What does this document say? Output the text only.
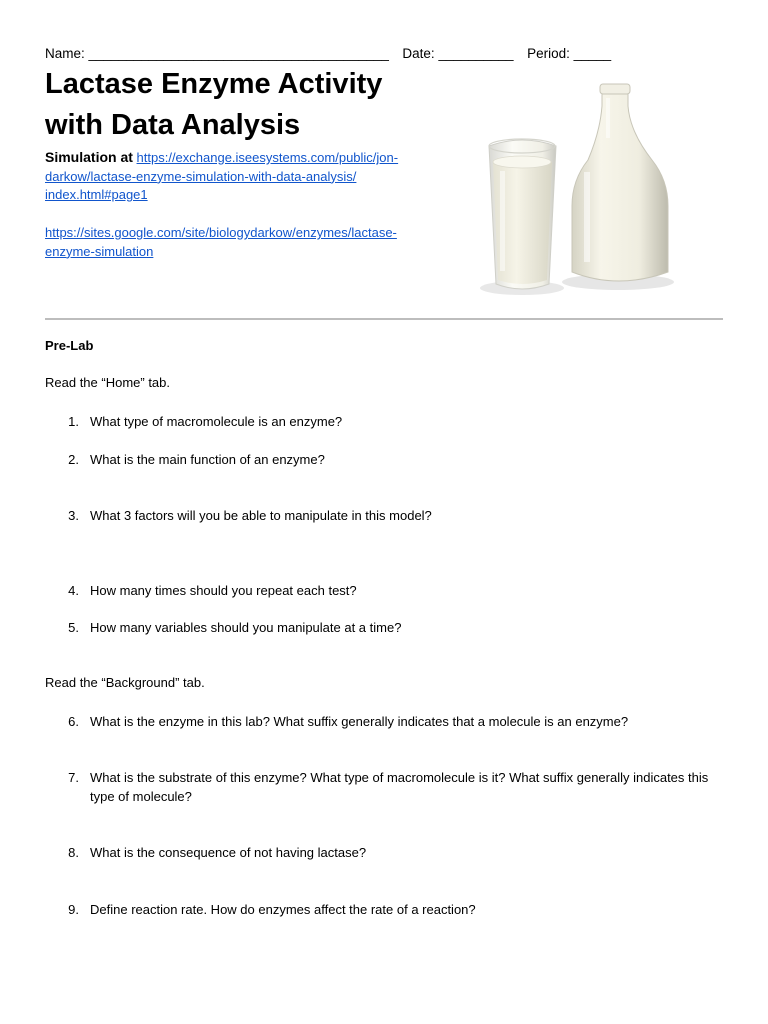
Name: ________________________________________ Date: __________ Period: _____
Lactase Enzyme Activity
with Data Analysis
Simulation at https://exchange.iseesystems.com/public/jon-
darkow/lactase-enzyme-simulation-with-data-analysis/
index.html#page1
https://sites.google.com/site/biologydarkow/enzymes/lactase-
enzyme-simulation
Pre-Lab
Read the “Home” tab.
1. What type of macromolecule is an enzyme?
2. What is the main function of an enzyme?
3. What 3 factors will you be able to manipulate in this model?
4. How many times should you repeat each test?
5. How many variables should you manipulate at a time?
Read the “Background” tab.
6. What is the enzyme in this lab? What suffix generally indicates that a molecule is an enzyme?
7. What is the substrate of this enzyme? What type of macromolecule is it? What suffix generally indicates this type of molecule?
8. What is the consequence of not having lactase?
9. Define reaction rate. How do enzymes affect the rate of a reaction?
